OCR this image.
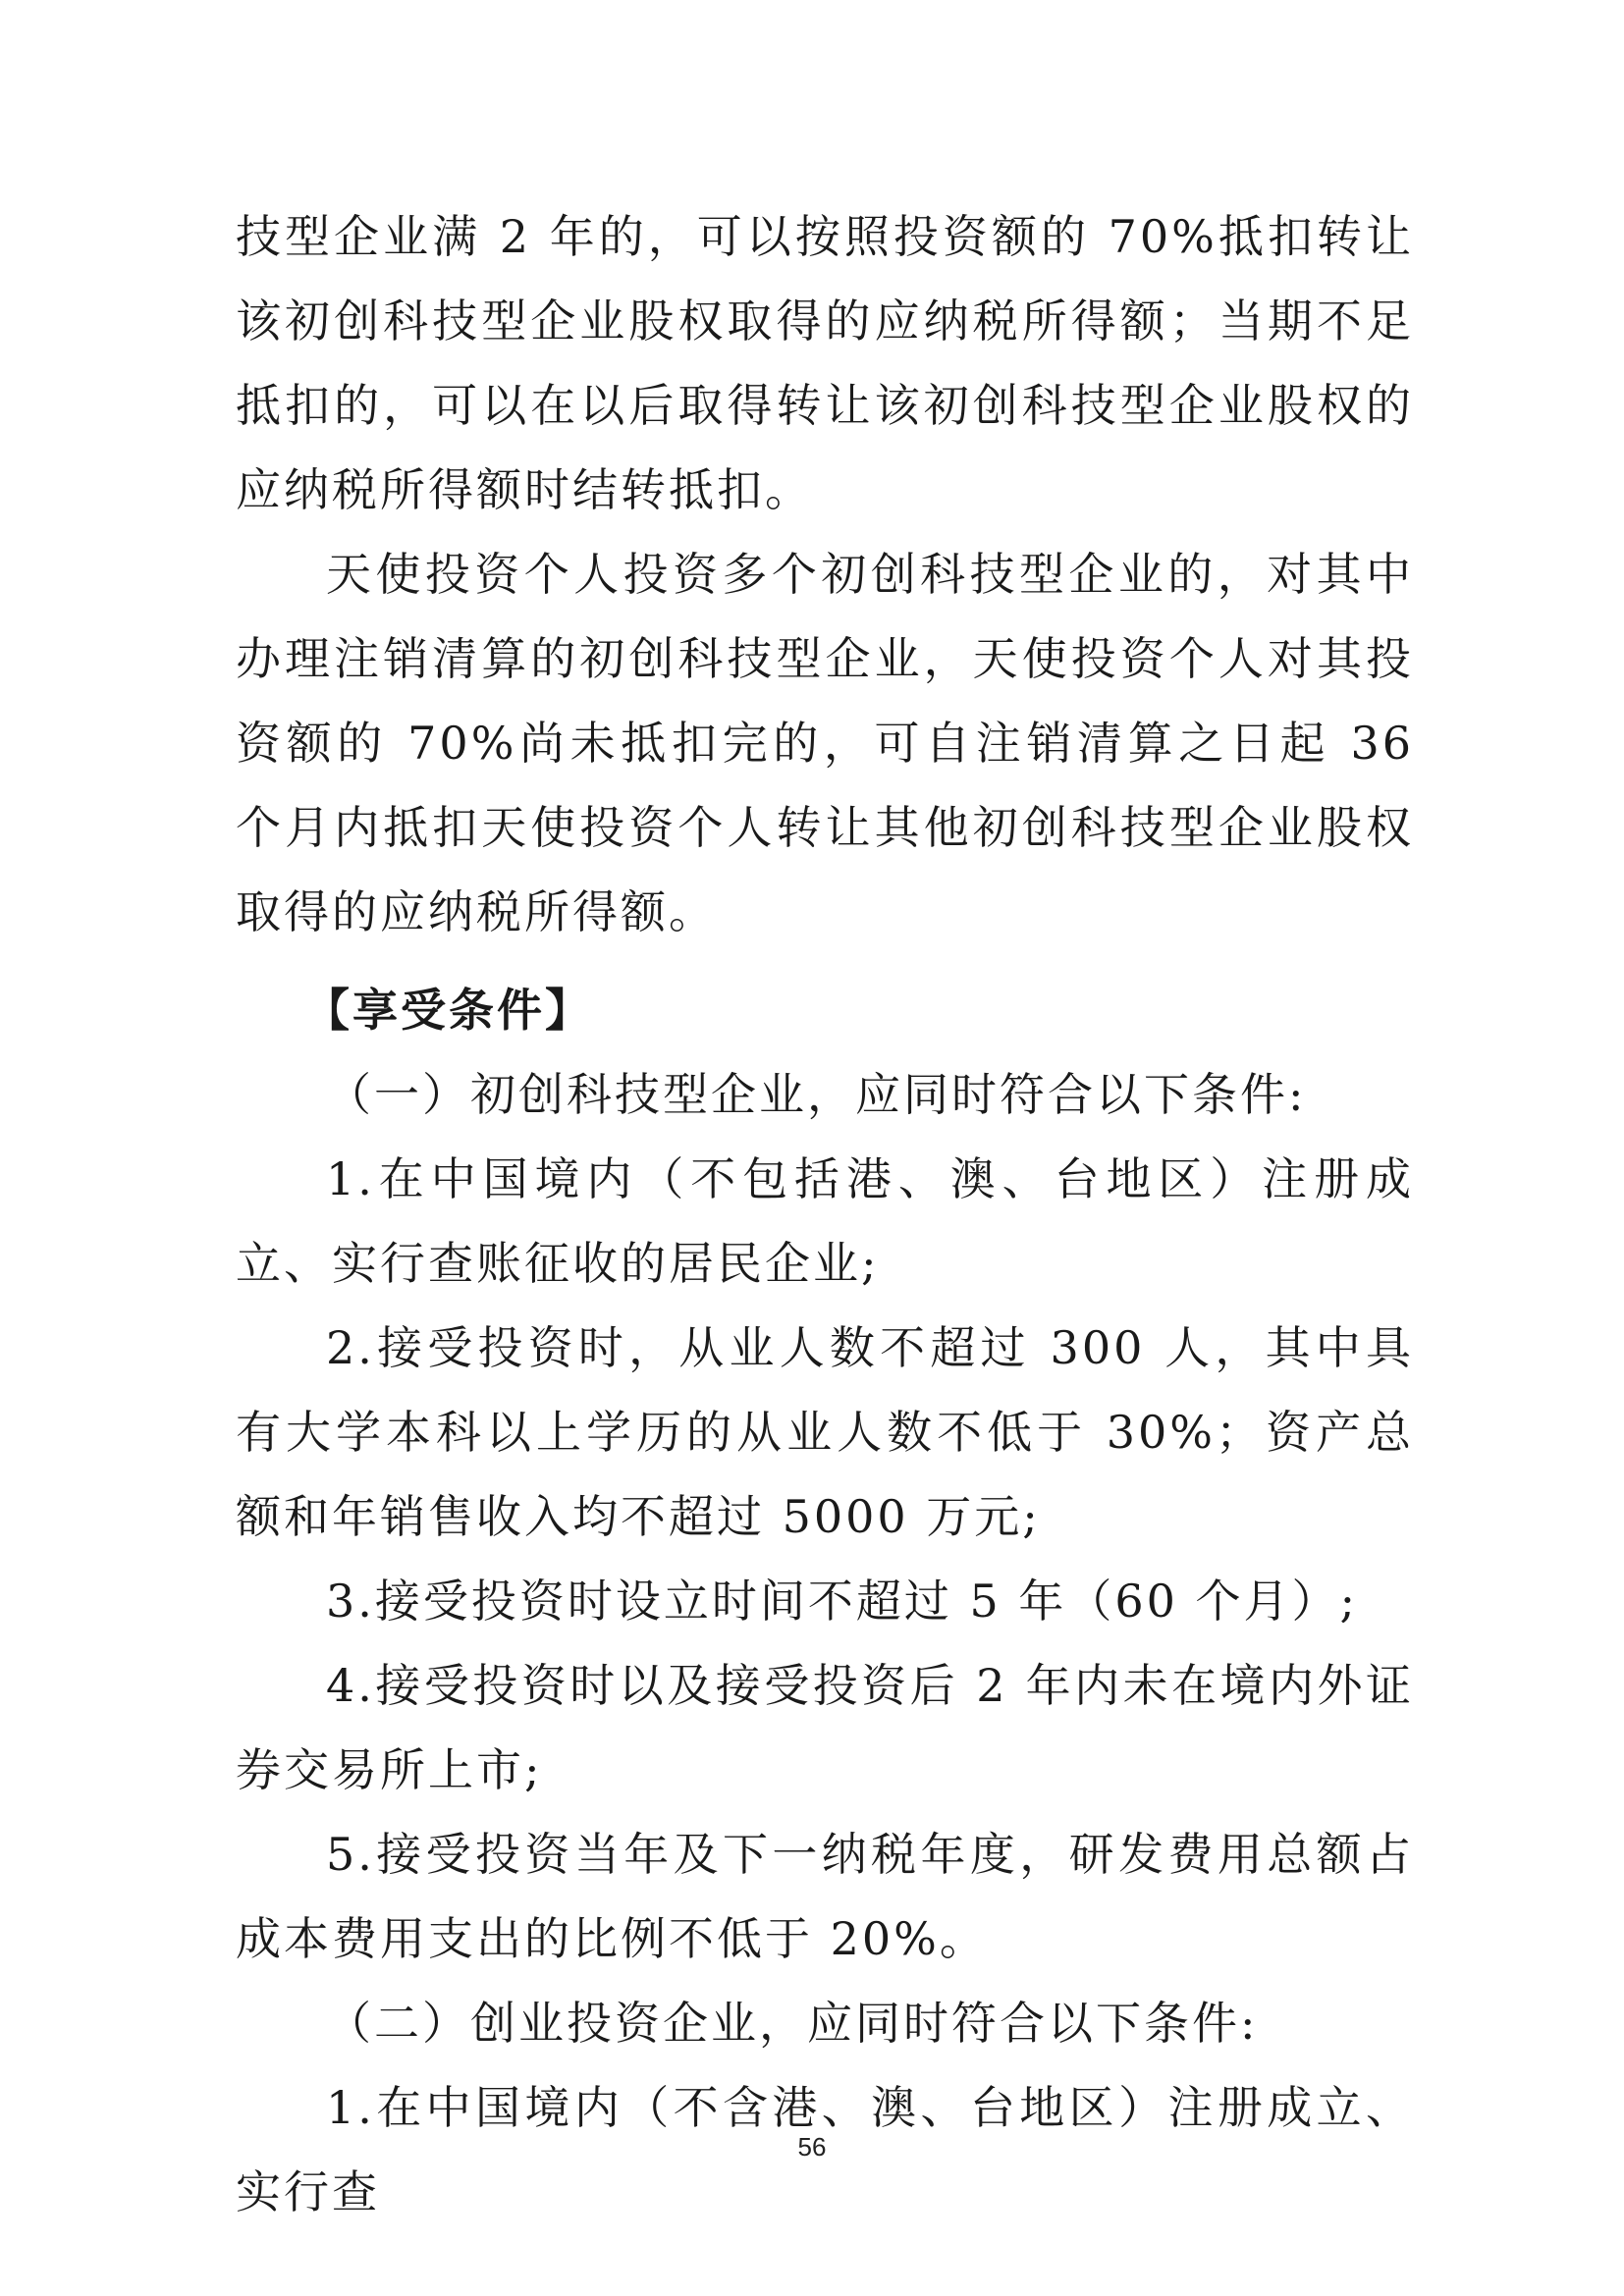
技型企业满 2 年的，可以按照投资额的 70%抵扣转让该初创科技型企业股权取得的应纳税所得额；当期不足抵扣的，可以在以后取得转让该初创科技型企业股权的应纳税所得额时结转抵扣。

天使投资个人投资多个初创科技型企业的，对其中办理注销清算的初创科技型企业，天使投资个人对其投资额的 70%尚未抵扣完的，可自注销清算之日起 36 个月内抵扣天使投资个人转让其他初创科技型企业股权取得的应纳税所得额。

【享受条件】

（一）初创科技型企业，应同时符合以下条件:

1.在中国境内（不包括港、澳、台地区）注册成立、实行查账征收的居民企业;

2.接受投资时，从业人数不超过 300 人，其中具有大学本科以上学历的从业人数不低于 30%；资产总额和年销售收入均不超过 5000 万元;

3.接受投资时设立时间不超过 5 年（60 个月）;

4.接受投资时以及接受投资后 2 年内未在境内外证券交易所上市;

5.接受投资当年及下一纳税年度，研发费用总额占成本费用支出的比例不低于 20%。

（二）创业投资企业，应同时符合以下条件:

1.在中国境内（不含港、澳、台地区）注册成立、实行查

56
